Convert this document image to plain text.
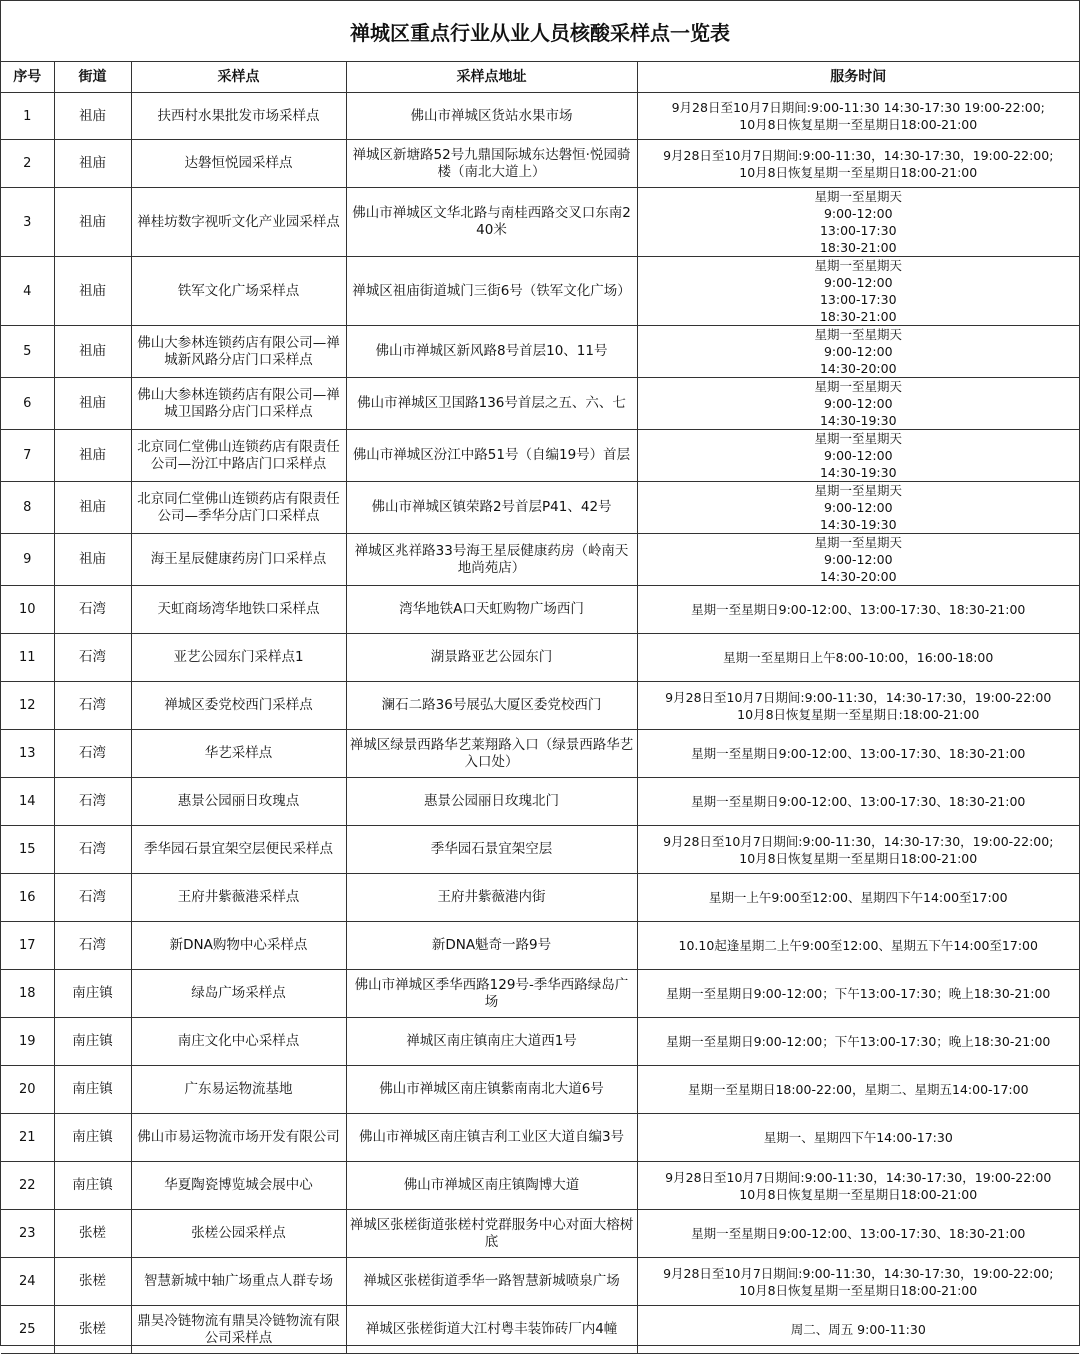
禅城区重点行业从业人员核酸采样点一览表
序号	街道	采样点	采样点地址	服务时间
1	祖庙	扶西村水果批发市场采样点	佛山市禅城区货站水果市场	9月28日至10月7日期间:9:00-11:30 14:30-17:30 19:00-22:00;
10月8日恢复星期一至星期日18:00-21:00
2	祖庙	达磐恒悦园采样点	禅城区新塘路52号九鼎国际城东达磐恒·悦园骑楼（南北大道上）	9月28日至10月7日期间:9:00-11:30，14:30-17:30，19:00-22:00;
10月8日恢复星期一至星期日18:00-21:00
3	祖庙	禅桂坊数字视听文化产业园采样点	佛山市禅城区文华北路与南桂西路交叉口东南240米	星期一至星期天
9:00-12:00
13:00-17:30
18:30-21:00
4	祖庙	铁军文化广场采样点	禅城区祖庙街道城门三街6号（铁军文化广场）	星期一至星期天
9:00-12:00
13:00-17:30
18:30-21:00
5	祖庙	佛山大参林连锁药店有限公司—禅城新风路分店门口采样点	佛山市禅城区新风路8号首层10、11号	星期一至星期天
9:00-12:00
14:30-20:00
6	祖庙	佛山大参林连锁药店有限公司—禅城卫国路分店门口采样点	佛山市禅城区卫国路136号首层之五、六、七	星期一至星期天
9:00-12:00
14:30-19:30
7	祖庙	北京同仁堂佛山连锁药店有限责任公司—汾江中路店门口采样点	佛山市禅城区汾江中路51号（自编19号）首层	星期一至星期天
9:00-12:00
14:30-19:30
8	祖庙	北京同仁堂佛山连锁药店有限责任公司—季华分店门口采样点	佛山市禅城区镇荣路2号首层P41、42号	星期一至星期天
9:00-12:00
14:30-19:30
9	祖庙	海王星辰健康药房门口采样点	禅城区兆祥路33号海王星辰健康药房（岭南天地尚苑店）	星期一至星期天
9:00-12:00
14:30-20:00
10	石湾	天虹商场湾华地铁口采样点	湾华地铁A口天虹购物广场西门	星期一至星期日9:00-12:00、13:00-17:30、18:30-21:00
11	石湾	亚艺公园东门采样点1	湖景路亚艺公园东门	星期一至星期日上午8:00-10:00，16:00-18:00
12	石湾	禅城区委党校西门采样点	澜石二路36号展弘大厦区委党校西门	9月28日至10月7日期间:9:00-11:30，14:30-17:30，19:00-22:00
10月8日恢复星期一至星期日:18:00-21:00
13	石湾	华艺采样点	禅城区绿景西路华艺莱翔路入口（绿景西路华艺入口处）	星期一至星期日9:00-12:00、13:00-17:30、18:30-21:00
14	石湾	惠景公园丽日玫瑰点	惠景公园丽日玫瑰北门	星期一至星期日9:00-12:00、13:00-17:30、18:30-21:00
15	石湾	季华园石景宜架空层便民采样点	季华园石景宜架空层	9月28日至10月7日期间:9:00-11:30，14:30-17:30，19:00-22:00;
10月8日恢复星期一至星期日18:00-21:00
16	石湾	王府井紫薇港采样点	王府井紫薇港内街	星期一上午9:00至12:00、星期四下午14:00至17:00
17	石湾	新DNA购物中心采样点	新DNA魁奇一路9号	10.10起逢星期二上午9:00至12:00、星期五下午14:00至17:00
18	南庄镇	绿岛广场采样点	佛山市禅城区季华西路129号-季华西路绿岛广场	星期一至星期日9:00-12:00；下午13:00-17:30；晚上18:30-21:00
19	南庄镇	南庄文化中心采样点	禅城区南庄镇南庄大道西1号	星期一至星期日9:00-12:00；下午13:00-17:30；晚上18:30-21:00
20	南庄镇	广东易运物流基地	佛山市禅城区南庄镇紫南南北大道6号	星期一至星期日18:00-22:00，星期二、星期五14:00-17:00
21	南庄镇	佛山市易运物流市场开发有限公司	佛山市禅城区南庄镇吉利工业区大道自编3号	星期一、星期四下午14:00-17:30
22	南庄镇	华夏陶瓷博览城会展中心	佛山市禅城区南庄镇陶博大道	9月28日至10月7日期间:9:00-11:30，14:30-17:30，19:00-22:00
10月8日恢复星期一至星期日18:00-21:00
23	张槎	张槎公园采样点	禅城区张槎街道张槎村党群服务中心对面大榕树底	星期一至星期日9:00-12:00、13:00-17:30、18:30-21:00
24	张槎	智慧新城中轴广场重点人群专场	禅城区张槎街道季华一路智慧新城喷泉广场	9月28日至10月7日期间:9:00-11:30，14:30-17:30，19:00-22:00;
10月8日恢复星期一至星期日18:00-21:00
25	张槎	鼎昊冷链物流有鼎昊冷链物流有限公司采样点	禅城区张槎街道大江村粤丰装饰砖厂内4幢	周二、周五 9:00-11:30
